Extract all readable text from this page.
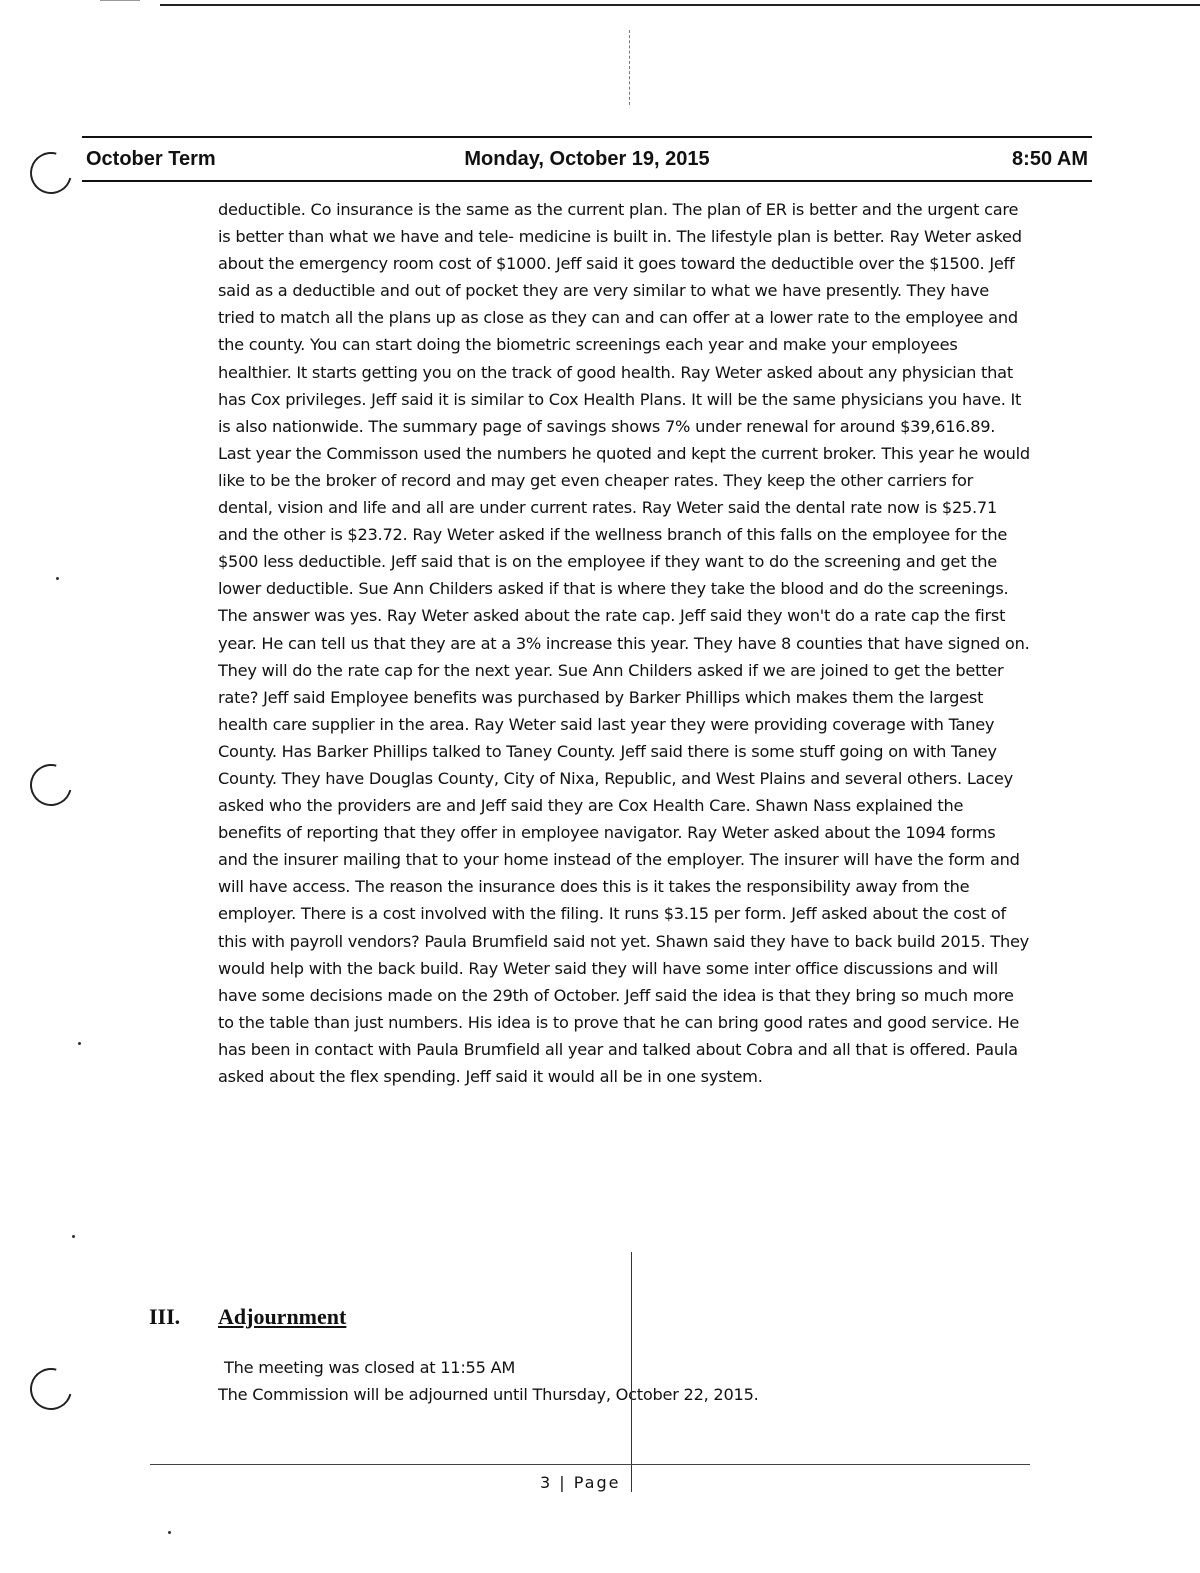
October Term	Monday, October 19, 2015	8:50 AM

deductible. Co insurance is the same as the current plan. The plan of ER is better and the urgent care is better than what we have and tele- medicine is built in. The lifestyle plan is better. Ray Weter asked about the emergency room cost of $1000. Jeff said it goes toward the deductible over the $1500. Jeff said as a deductible and out of pocket they are very similar to what we have presently. They have tried to match all the plans up as close as they can and can offer at a lower rate to the employee and the county. You can start doing the biometric screenings each year and make your employees healthier. It starts getting you on the track of good health. Ray Weter asked about any physician that has Cox privileges. Jeff said it is similar to Cox Health Plans. It will be the same physicians you have. It is also nationwide. The summary page of savings shows 7% under renewal for around $39,616.89. Last year the Commisson used the numbers he quoted and kept the current broker. This year he would like to be the broker of record and may get even cheaper rates. They keep the other carriers for dental, vision and life and all are under current rates. Ray Weter said the dental rate now is $25.71 and the other is $23.72. Ray Weter asked if the wellness branch of this falls on the employee for the $500 less deductible. Jeff said that is on the employee if they want to do the screening and get the lower deductible. Sue Ann Childers asked if that is where they take the blood and do the screenings. The answer was yes. Ray Weter asked about the rate cap. Jeff said they won't do a rate cap the first year. He can tell us that they are at a 3% increase this year. They have 8 counties that have signed on. They will do the rate cap for the next year. Sue Ann Childers asked if we are joined to get the better rate? Jeff said Employee benefits was purchased by Barker Phillips which makes them the largest health care supplier in the area. Ray Weter said last year they were providing coverage with Taney County. Has Barker Phillips talked to Taney County. Jeff said there is some stuff going on with Taney County. They have Douglas County, City of Nixa, Republic, and West Plains and several others. Lacey asked who the providers are and Jeff said they are Cox Health Care. Shawn Nass explained the benefits of reporting that they offer in employee navigator. Ray Weter asked about the 1094 forms and the insurer mailing that to your home instead of the employer. The insurer will have the form and will have access. The reason the insurance does this is it takes the responsibility away from the employer. There is a cost involved with the filing. It runs $3.15 per form. Jeff asked about the cost of this with payroll vendors? Paula Brumfield said not yet. Shawn said they have to back build 2015. They would help with the back build. Ray Weter said they will have some inter office discussions and will have some decisions made on the 29th of October. Jeff said the idea is that they bring so much more to the table than just numbers. His idea is to prove that he can bring good rates and good service. He has been in contact with Paula Brumfield all year and talked about Cobra and all that is offered. Paula asked about the flex spending. Jeff said it would all be in one system.

III. Adjournment
The meeting was closed at 11:55 AM
The Commission will be adjourned until Thursday, October 22, 2015.
3 | Page
